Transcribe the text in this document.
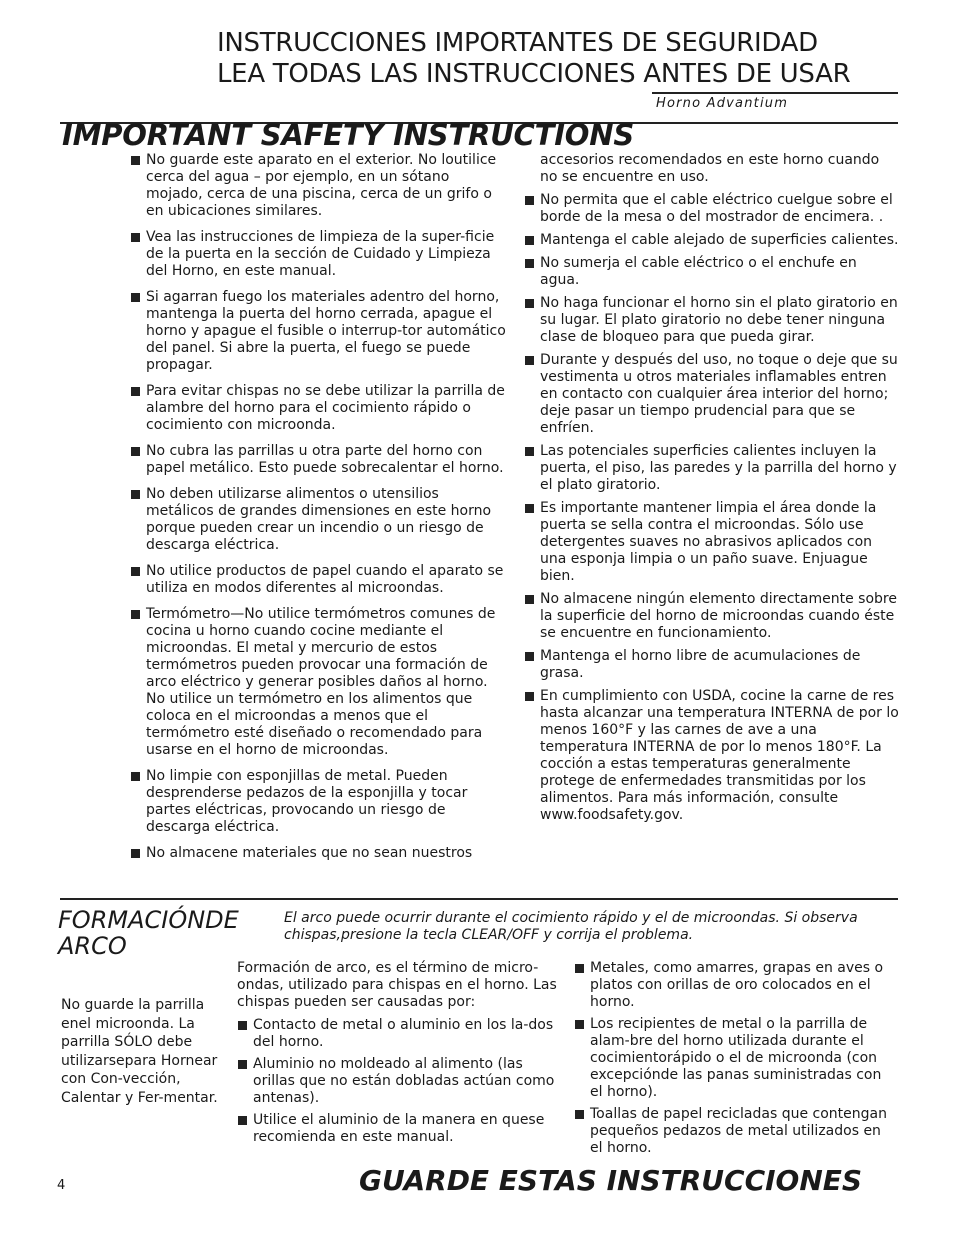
INSTRUCCIONES IMPORTANTES DE SEGURIDAD
LEA TODAS LAS INSTRUCCIONES ANTES DE USAR
Horno Advantium
IMPORTANT SAFETY INSTRUCTIONS
No guarde este aparato en el exterior. No loutilice cerca del agua – por ejemplo, en un sótano mojado, cerca de una piscina, cerca de un grifo o en ubicaciones similares.
Vea las instrucciones de limpieza de la super-ficie de la puerta en la sección de Cuidado y Limpieza del Horno, en este manual.
Si agarran fuego los materiales adentro del horno, mantenga la puerta del horno cerrada, apague el horno y apague el fusible o interrup-tor automático del panel. Si abre la puerta, el fuego se puede propagar.
Para evitar chispas no se debe utilizar la parrilla de alambre del horno para el cocimiento rápido o cocimiento con microonda.
No cubra las parrillas u otra parte del horno con papel metálico. Esto puede sobrecalentar el horno.
No deben utilizarse alimentos o utensilios metálicos de grandes dimensiones en este horno porque pueden crear un incendio o un riesgo de descarga eléctrica.
No utilice productos de papel cuando el aparato se utiliza en modos diferentes al microondas.
Termómetro—No utilice termómetros comunes de cocina u horno cuando cocine mediante el microondas. El metal y mercurio de estos termómetros pueden provocar una formación de arco eléctrico y generar posibles daños al horno. No utilice un termómetro en los alimentos que coloca en el microondas a menos que el termómetro esté diseñado o recomendado para usarse en el horno de microondas.
No limpie con esponjillas de metal. Pueden desprenderse pedazos de la esponjilla y tocar partes eléctricas, provocando un riesgo de descarga eléctrica.
No almacene materiales que no sean nuestros
accesorios recomendados en este horno cuando no se encuentre en uso.
No permita que el cable eléctrico cuelgue sobre el borde de la mesa o del mostrador de encimera. .
Mantenga el cable alejado de superficies calientes.
No sumerja el cable eléctrico o el enchufe en agua.
No haga funcionar el horno sin el plato giratorio en su lugar. El plato giratorio no debe tener ninguna clase de bloqueo para que pueda girar.
Durante y después del uso, no toque o deje que su vestimenta u otros materiales inflamables entren en contacto con cualquier área interior del horno; deje pasar un tiempo prudencial para que se enfríen.
Las potenciales superficies calientes incluyen la puerta, el piso, las paredes y la parrilla del horno y el plato giratorio.
Es importante mantener limpia el área donde la puerta se sella contra el microondas. Sólo use detergentes suaves no abrasivos aplicados con una esponja limpia o un paño suave. Enjuague bien.
No almacene ningún elemento directamente sobre la superficie del horno de microondas cuando éste se encuentre en funcionamiento.
Mantenga el horno libre de acumulaciones de grasa.
En cumplimiento con USDA, cocine la carne de res hasta alcanzar una temperatura INTERNA de por lo menos 160°F y las carnes de ave a una temperatura INTERNA de por lo menos 180°F. La cocción a estas temperaturas generalmente protege de enfermedades transmitidas por los alimentos. Para más información, consulte www.foodsafety.gov.
FORMACIÓNDE
ARCO
El arco puede ocurrir durante el cocimiento rápido y el de microondas. Si observa chispas,presione la tecla CLEAR/OFF y corrija el problema.
No guarde la parrilla enel microonda. La parrilla SÓLO debe utilizarsepara Hornear con Con-vección, Calentar y Fer-mentar.
Formación de arco, es el término de micro-ondas, utilizado para chispas en el horno. Las chispas pueden ser causadas por:
Contacto de metal o aluminio en los la-dos del horno.
Aluminio no moldeado al alimento (las orillas que no están dobladas actúan como antenas).
Utilice el aluminio de la manera en quese recomienda en este manual.
Metales, como amarres, grapas en aves o platos con orillas de oro colocados en el horno.
Los recipientes de metal o la parrilla de alam-bre del horno utilizada durante el cocimientorápido o el de microonda (con excepciónde las panas suministradas con el horno).
Toallas de papel recicladas que contengan pequeños pedazos de metal utilizados en el horno.
4	GUARDE ESTAS INSTRUCCIONES
